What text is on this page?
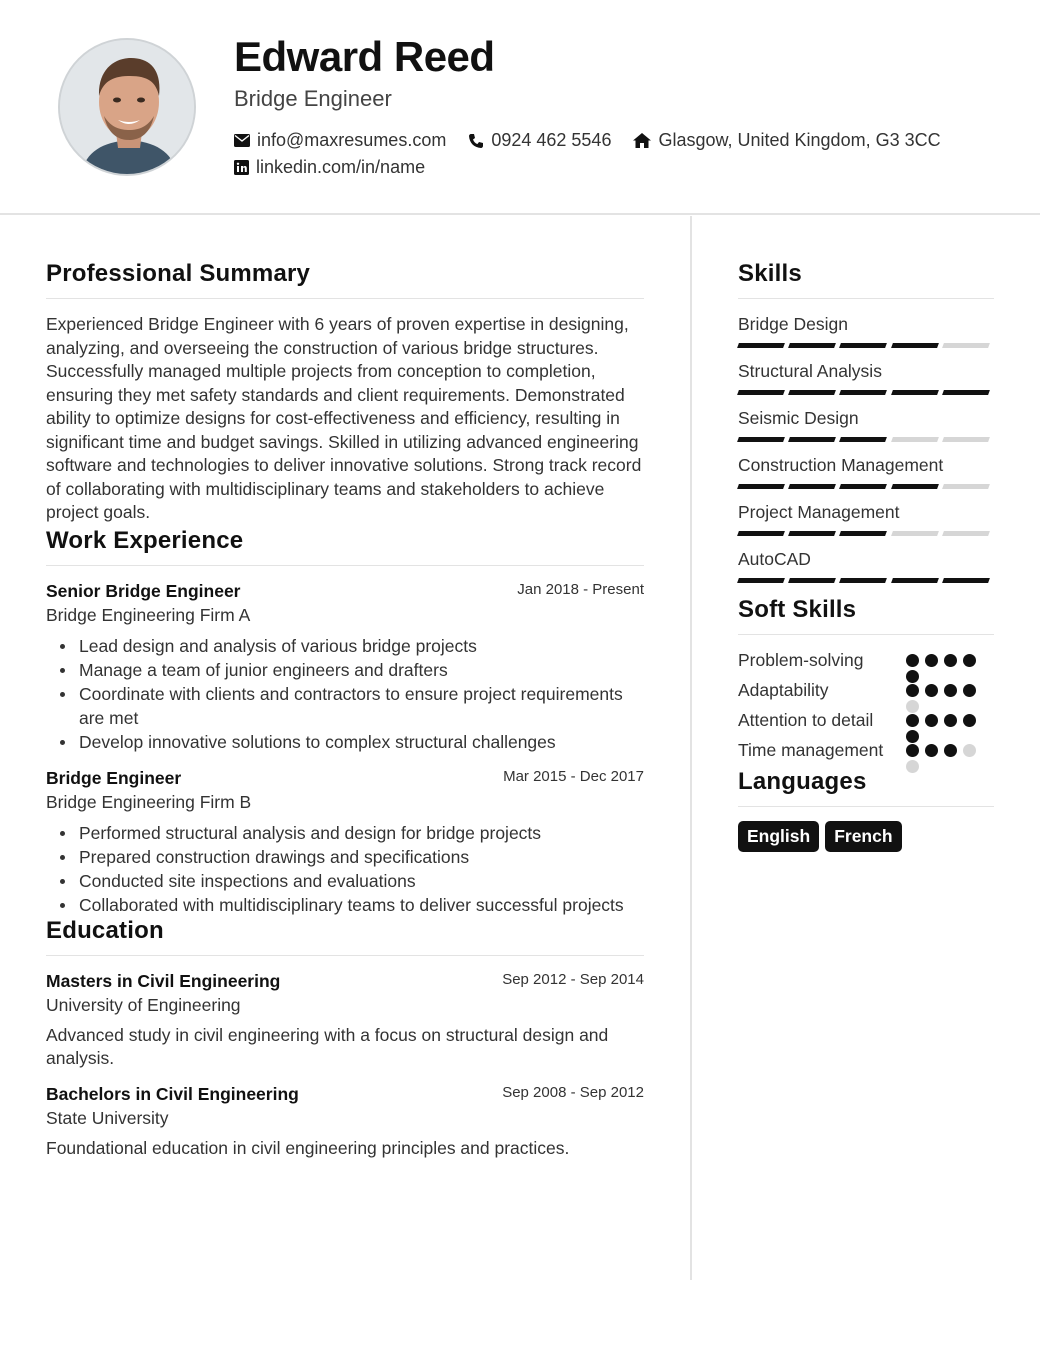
Edward Reed
Bridge Engineer
info@maxresumes.com	0924 462 5546	Glasgow, United Kingdom, G3 3CC
linkedin.com/in/name
Professional Summary
Experienced Bridge Engineer with 6 years of proven expertise in designing, analyzing, and overseeing the construction of various bridge structures. Successfully managed multiple projects from conception to completion, ensuring they met safety standards and client requirements. Demonstrated ability to optimize designs for cost-effectiveness and efficiency, resulting in significant time and budget savings. Skilled in utilizing advanced engineering software and technologies to deliver innovative solutions. Strong track record of collaborating with multidisciplinary teams and stakeholders to achieve project goals.
Work Experience
Senior Bridge Engineer	Jan 2018 - Present
Bridge Engineering Firm A
Lead design and analysis of various bridge projects
Manage a team of junior engineers and drafters
Coordinate with clients and contractors to ensure project requirements are met
Develop innovative solutions to complex structural challenges
Bridge Engineer	Mar 2015 - Dec 2017
Bridge Engineering Firm B
Performed structural analysis and design for bridge projects
Prepared construction drawings and specifications
Conducted site inspections and evaluations
Collaborated with multidisciplinary teams to deliver successful projects
Education
Masters in Civil Engineering	Sep 2012 - Sep 2014
University of Engineering
Advanced study in civil engineering with a focus on structural design and analysis.
Bachelors in Civil Engineering	Sep 2008 - Sep 2012
State University
Foundational education in civil engineering principles and practices.
Skills
Bridge Design
Structural Analysis
Seismic Design
Construction Management
Project Management
AutoCAD
Soft Skills
Problem-solving
Adaptability
Attention to detail
Time management
Languages
English	French
